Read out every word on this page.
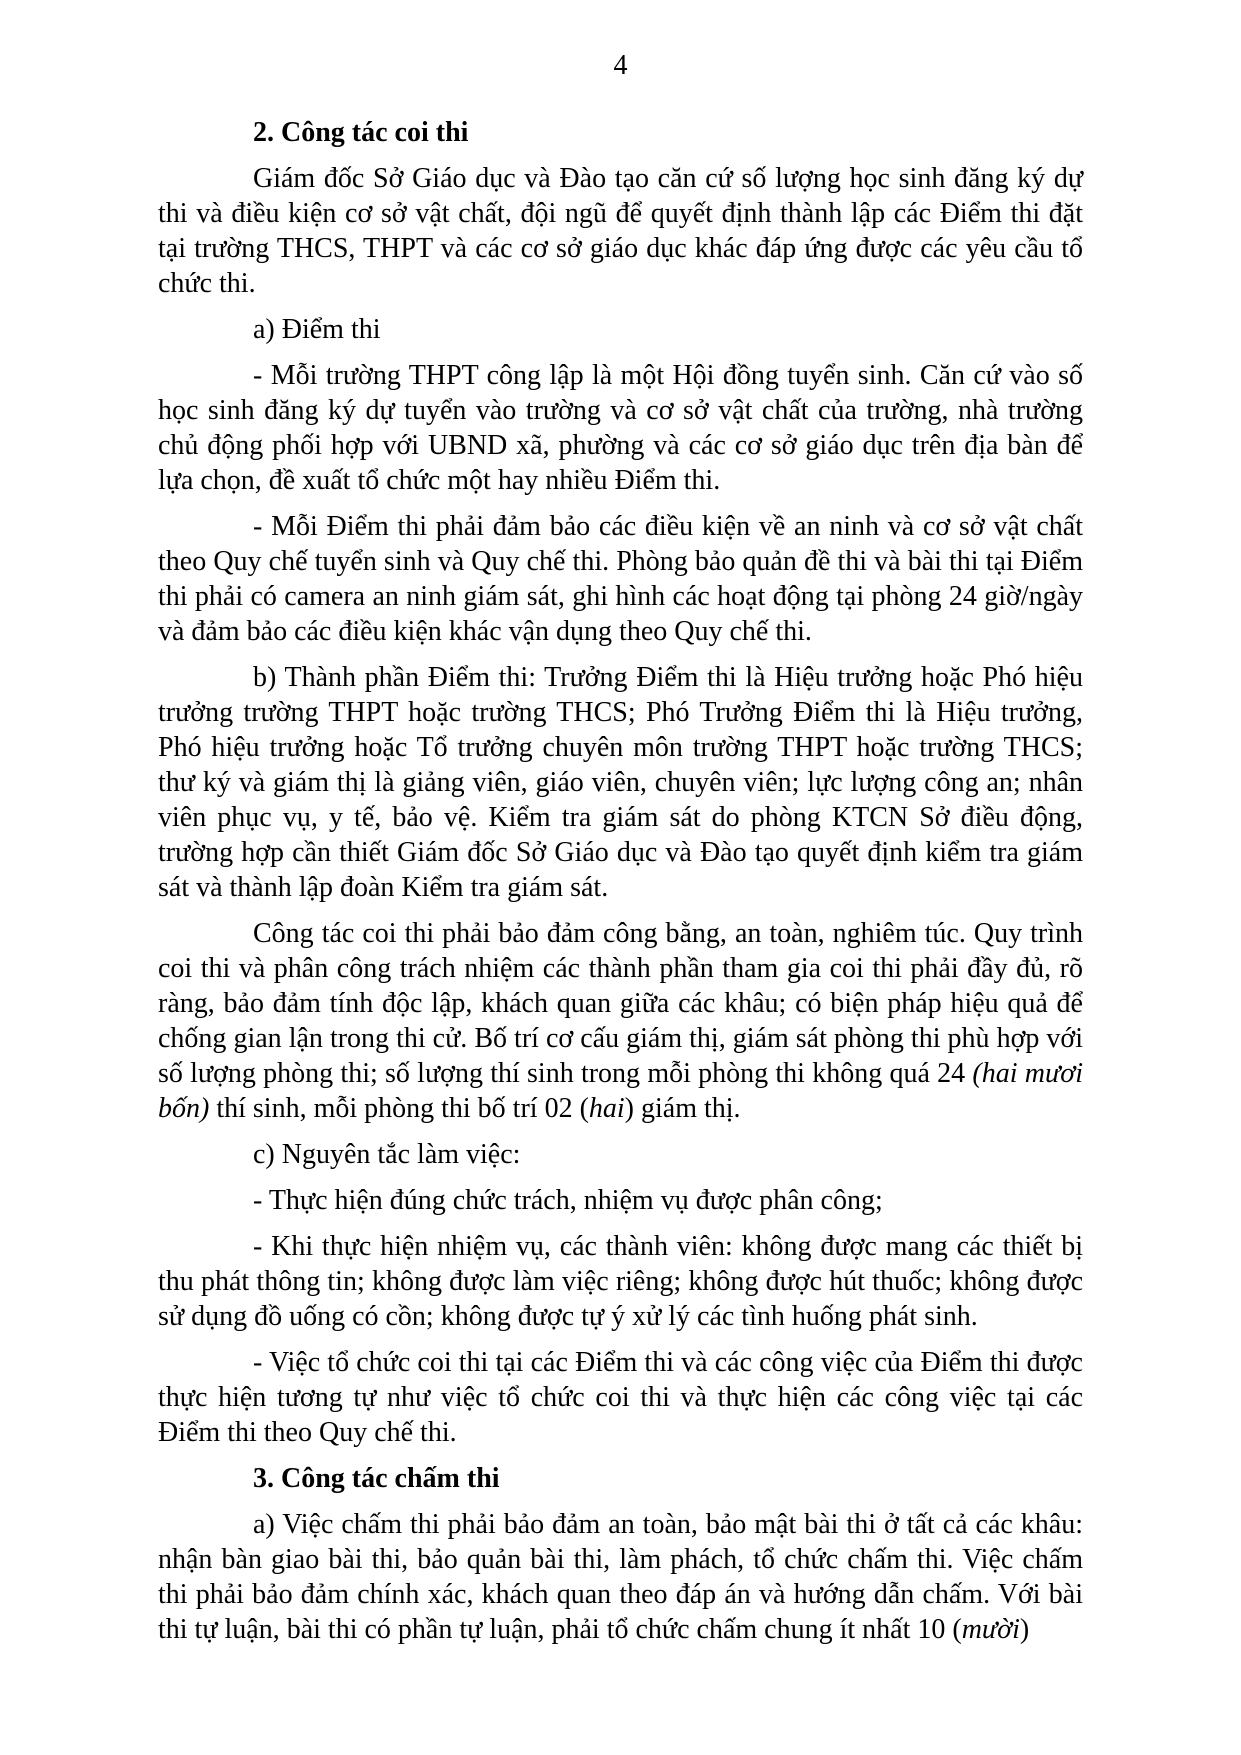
4

2. Công tác coi thi

Giám đốc Sở Giáo dục và Đào tạo căn cứ số lượng học sinh đăng ký dự thi và điều kiện cơ sở vật chất, đội ngũ để quyết định thành lập các Điểm thi đặt tại trường THCS, THPT và các cơ sở giáo dục khác đáp ứng được các yêu cầu tổ chức thi.

a) Điểm thi

- Mỗi trường THPT công lập là một Hội đồng tuyển sinh. Căn cứ vào số học sinh đăng ký dự tuyển vào trường và cơ sở vật chất của trường, nhà trường chủ động phối hợp với UBND xã, phường và các cơ sở giáo dục trên địa bàn để lựa chọn, đề xuất tổ chức một hay nhiều Điểm thi.

- Mỗi Điểm thi phải đảm bảo các điều kiện về an ninh và cơ sở vật chất theo Quy chế tuyển sinh và Quy chế thi. Phòng bảo quản đề thi và bài thi tại Điểm thi phải có camera an ninh giám sát, ghi hình các hoạt động tại phòng 24 giờ/ngày và đảm bảo các điều kiện khác vận dụng theo Quy chế thi.

b) Thành phần Điểm thi: Trưởng Điểm thi là Hiệu trưởng hoặc Phó hiệu trưởng trường THPT hoặc trường THCS; Phó Trưởng Điểm thi là Hiệu trưởng, Phó hiệu trưởng hoặc Tổ trưởng chuyên môn trường THPT hoặc trường THCS; thư ký và giám thị là giảng viên, giáo viên, chuyên viên; lực lượng công an; nhân viên phục vụ, y tế, bảo vệ. Kiểm tra giám sát do phòng KTCN Sở điều động, trường hợp cần thiết Giám đốc Sở Giáo dục và Đào tạo quyết định kiểm tra giám sát và thành lập đoàn Kiểm tra giám sát.

Công tác coi thi phải bảo đảm công bằng, an toàn, nghiêm túc. Quy trình coi thi và phân công trách nhiệm các thành phần tham gia coi thi phải đầy đủ, rõ ràng, bảo đảm tính độc lập, khách quan giữa các khâu; có biện pháp hiệu quả để chống gian lận trong thi cử. Bố trí cơ cấu giám thị, giám sát phòng thi phù hợp với số lượng phòng thi; số lượng thí sinh trong mỗi phòng thi không quá 24 (hai mươi bốn) thí sinh, mỗi phòng thi bố trí 02 (hai) giám thị.

c) Nguyên tắc làm việc:

- Thực hiện đúng chức trách, nhiệm vụ được phân công;

- Khi thực hiện nhiệm vụ, các thành viên: không được mang các thiết bị thu phát thông tin; không được làm việc riêng; không được hút thuốc; không được sử dụng đồ uống có cồn; không được tự ý xử lý các tình huống phát sinh.

- Việc tổ chức coi thi tại các Điểm thi và các công việc của Điểm thi được thực hiện tương tự như việc tổ chức coi thi và thực hiện các công việc tại các Điểm thi theo Quy chế thi.

3. Công tác chấm thi

a) Việc chấm thi phải bảo đảm an toàn, bảo mật bài thi ở tất cả các khâu: nhận bàn giao bài thi, bảo quản bài thi, làm phách, tổ chức chấm thi. Việc chấm thi phải bảo đảm chính xác, khách quan theo đáp án và hướng dẫn chấm. Với bài thi tự luận, bài thi có phần tự luận, phải tổ chức chấm chung ít nhất 10 (mười)
